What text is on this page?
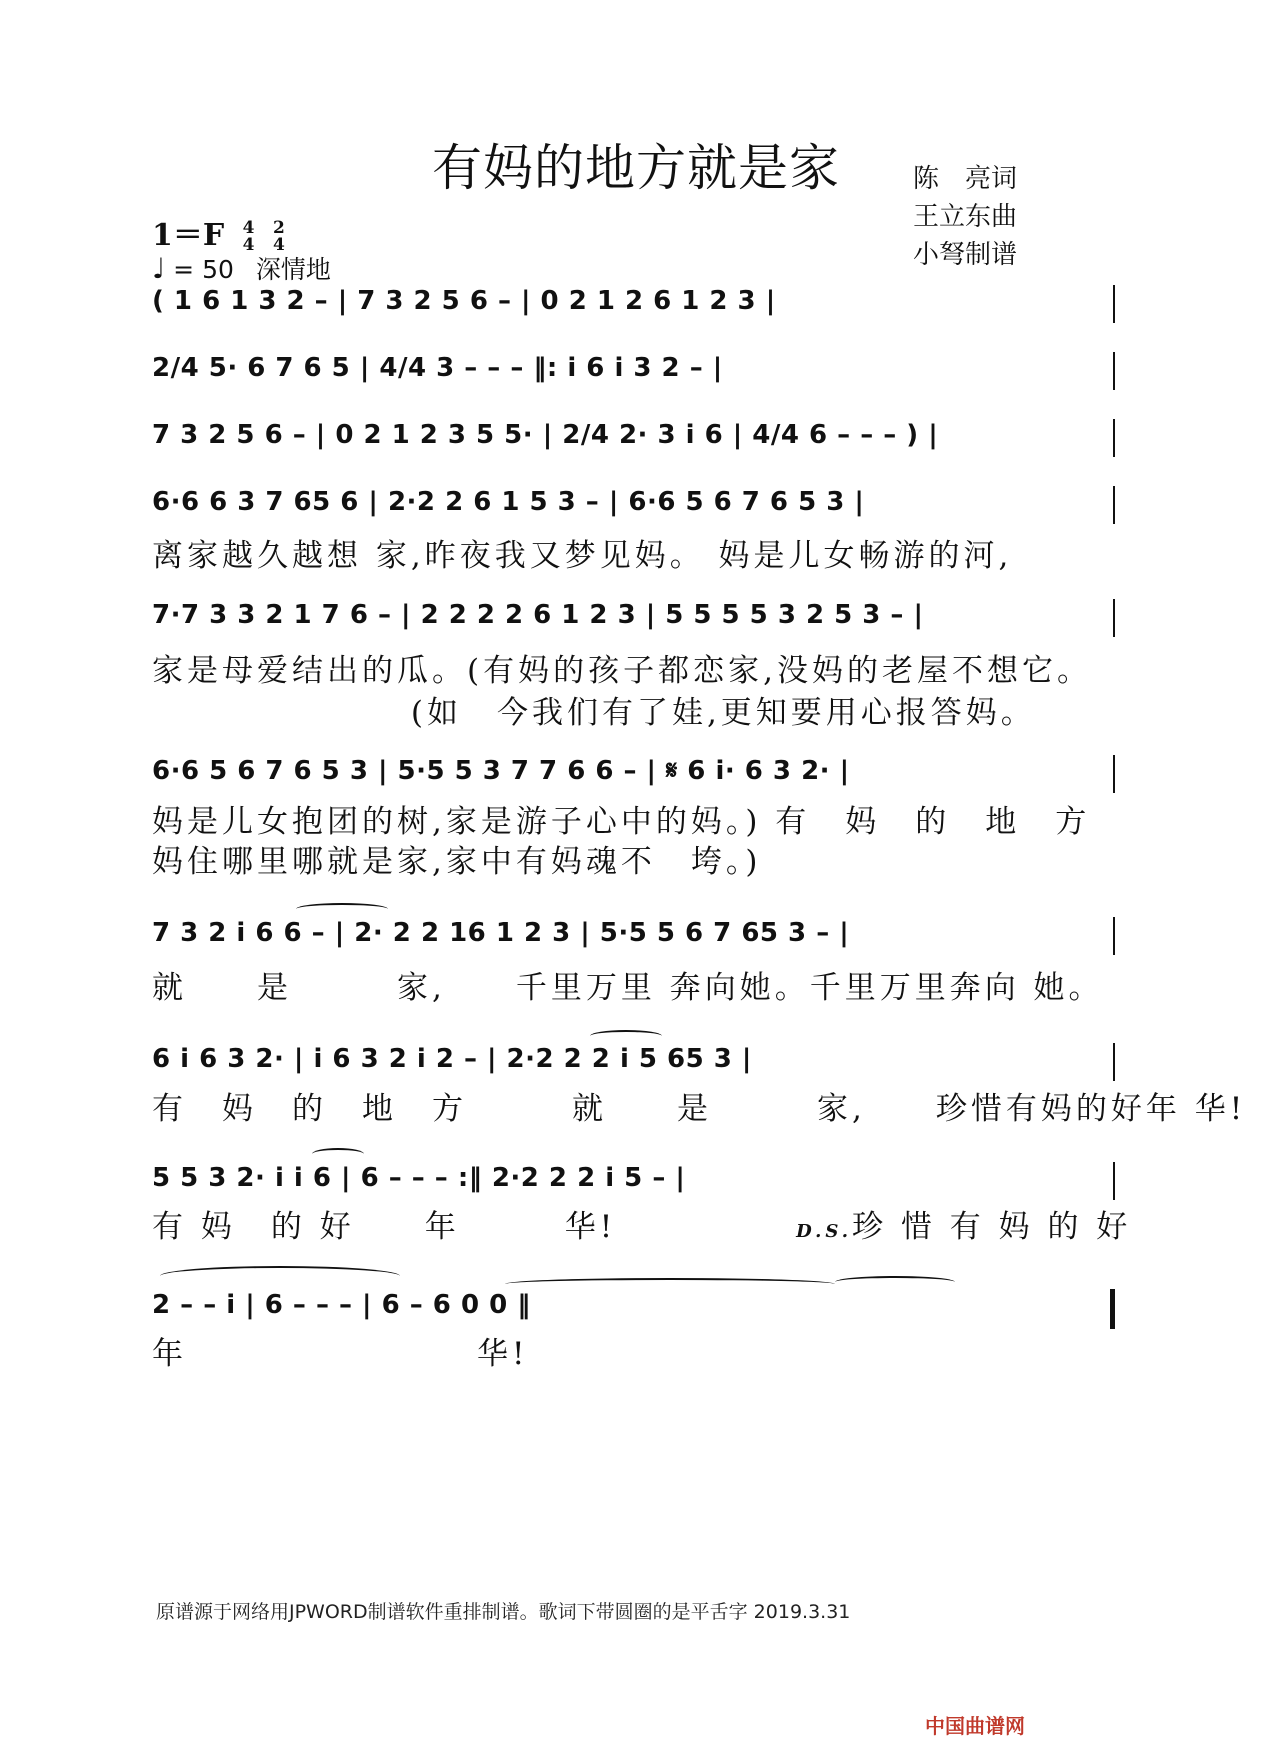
有妈的地方就是家	陈　亮词
王立东曲
小弩制谱
1＝F 4
4

2
4
♩ = 50 深情地
( 1 6 1 3 2 – | 7 3 2 5 6 – | 0 2 1 2 6 1 2 3 |
2/4 5· 6 7 6 5 | 4/4 3 – – – ‖: i 6 i 3 2 – |
7 3 2 5 6 – | 0 2 1 2 3 5 5· | 2/4 2· 3 i 6 | 4/4 6 – – – ) |
6·6 6 3 7 65 6 | 2·2 2 6 1 5 3 – | 6·6 5 6 7 6 5 3 |
离家越久越想 家,昨夜我又梦见妈。 妈是儿女畅游的河,
7·7 3 3 2 1 7 6 – | 2 2 2 2 6 1 2 3 | 5 5 5 5 3 2 5 3 – |
家是母爱结出的瓜。(有妈的孩子都恋家,没妈的老屋不想它。
　　　　　　　 (如　今我们有了娃,更知要用心报答妈。
6·6 5 6 7 6 5 3 | 5·5 5 3 7 7 6 6 – | 𝄋 6 i· 6 3 2· |
妈是儿女抱团的树,家是游子心中的妈。) 有　妈　的　地　方
妈住哪里哪就是家,家中有妈魂不　垮。)
7 3 2 i 6 6 – | 2· 2 2 16 1 2 3 | 5·5 5 6 7 65 3 – |
就　　是　　　家,　　千里万里 奔向她。千里万里奔向 她。
6 i 6 3 2· | i 6 3 2 i 2 – | 2·2 2 2 i 5 65 3 |
有　妈　的　地　方　　　就　　是　　　家,　　珍惜有妈的好年 华!
5 5 3 2· i i 6 | 6 – – – :‖ 2·2 2 2 i 5 – |
有 妈　的 好　　年　　　华!	D.S.珍 惜 有 妈 的 好
2 – – i | 6 – – – | 6 – 6 0 0 ‖
年	华!
原谱源于网络用JPWORD制谱软件重排制谱。歌词下带圆圈的是平舌字 2019.3.31
中国曲谱网
